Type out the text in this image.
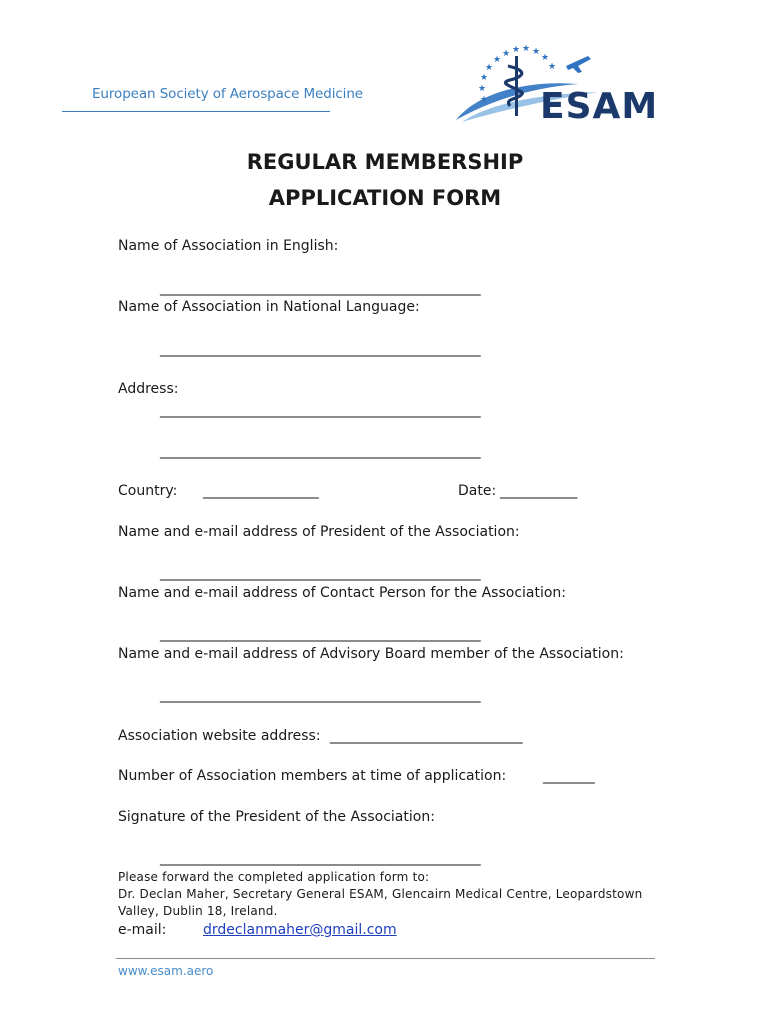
European Society of Aerospace Medicine
★
★
★ ★ ★ ★
★
★
★
★
★
ESAM
REGULAR MEMBERSHIP
APPLICATION FORM
Name of Association in English:
__________________________________________________
Name of Association in National Language:
__________________________________________________
Address:
__________________________________________________
__________________________________________________
Country: __________________	Date: ____________
Name and e-mail address of President of the Association:
__________________________________________________
Name and e-mail address of Contact Person for the Association:
__________________________________________________
Name and e-mail address of Advisory Board member of the Association:
__________________________________________________
Association website address: ______________________________
Number of Association members at time of application:	________
Signature of the President of the Association:
__________________________________________________
Please forward the completed application form to:
Dr. Declan Maher, Secretary General ESAM, Glencairn Medical Centre, Leopardstown
Valley, Dublin 18, Ireland.
e-mail:	drdeclanmaher@gmail.com
www.esam.aero
